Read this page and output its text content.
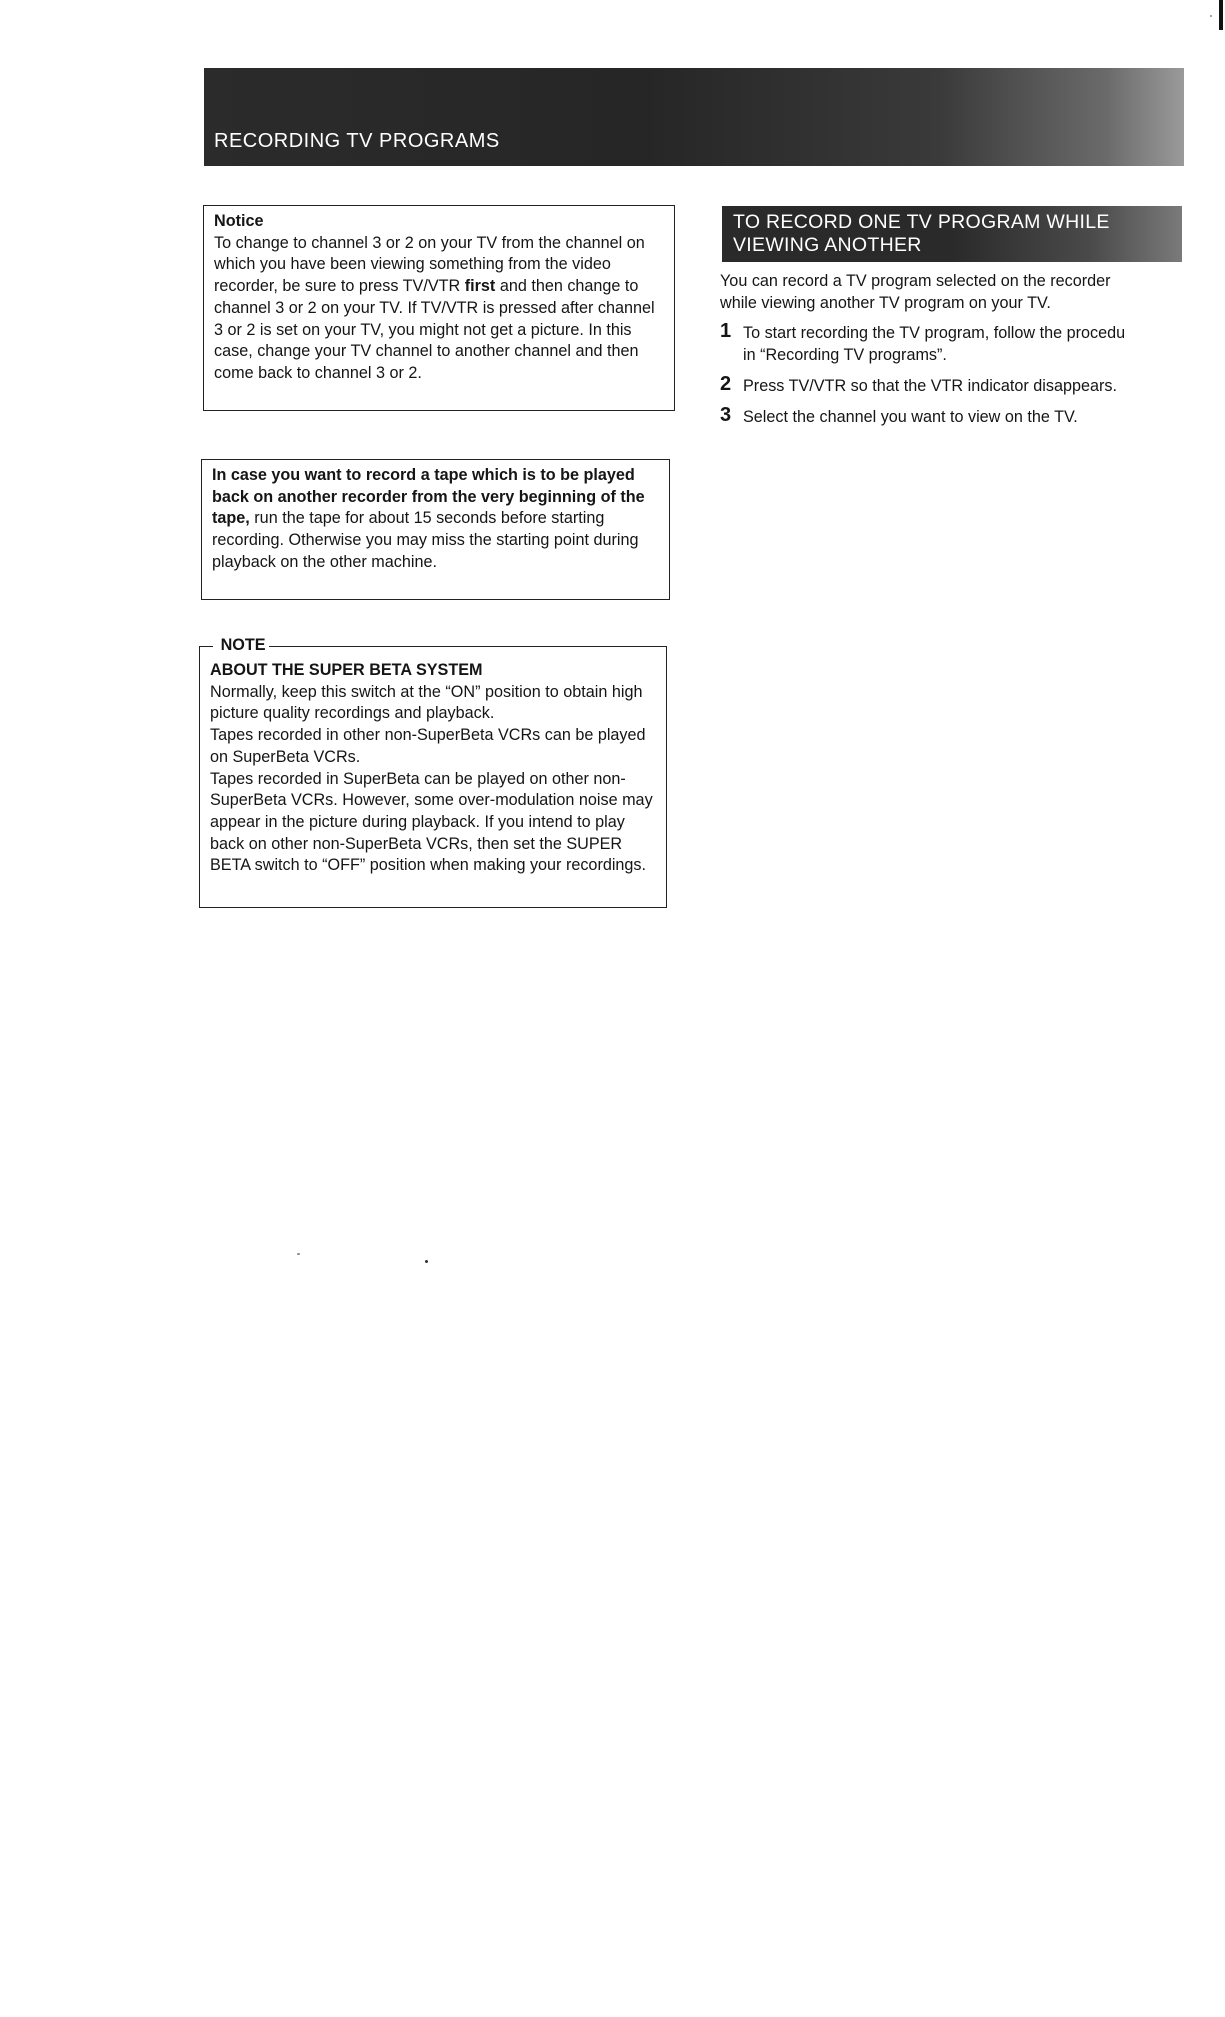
RECORDING TV PROGRAMS

Notice

To change to channel 3 or 2 on your TV from the channel on which you have been viewing something from the video recorder, be sure to press TV/VTR first and then change to channel 3 or 2 on your TV. If TV/VTR is pressed after channel 3 or 2 is set on your TV, you might not get a picture. In this case, change your TV channel to another channel and then come back to channel 3 or 2.

In case you want to record a tape which is to be played back on another recorder from the very beginning of the tape, run the tape for about 15 seconds before starting recording. Otherwise you may miss the starting point during playback on the other machine.

NOTE

ABOUT THE SUPER BETA SYSTEM

Normally, keep this switch at the “ON” position to obtain high picture quality recordings and playback.

Tapes recorded in other non-SuperBeta VCRs can be played on SuperBeta VCRs.

Tapes recorded in SuperBeta can be played on other non-SuperBeta VCRs. However, some over-modulation noise may appear in the picture during playback. If you intend to play back on other non-SuperBeta VCRs, then set the SUPER BETA switch to “OFF” position when making your recordings.

TO RECORD ONE TV PROGRAM WHILE VIEWING ANOTHER

You can record a TV program selected on the recorder

while viewing another TV program on your TV.

1 To start recording the TV program, follow the procedu
in “Recording TV programs”.
2 Press TV/VTR so that the VTR indicator disappears.
3 Select the channel you want to view on the TV.
